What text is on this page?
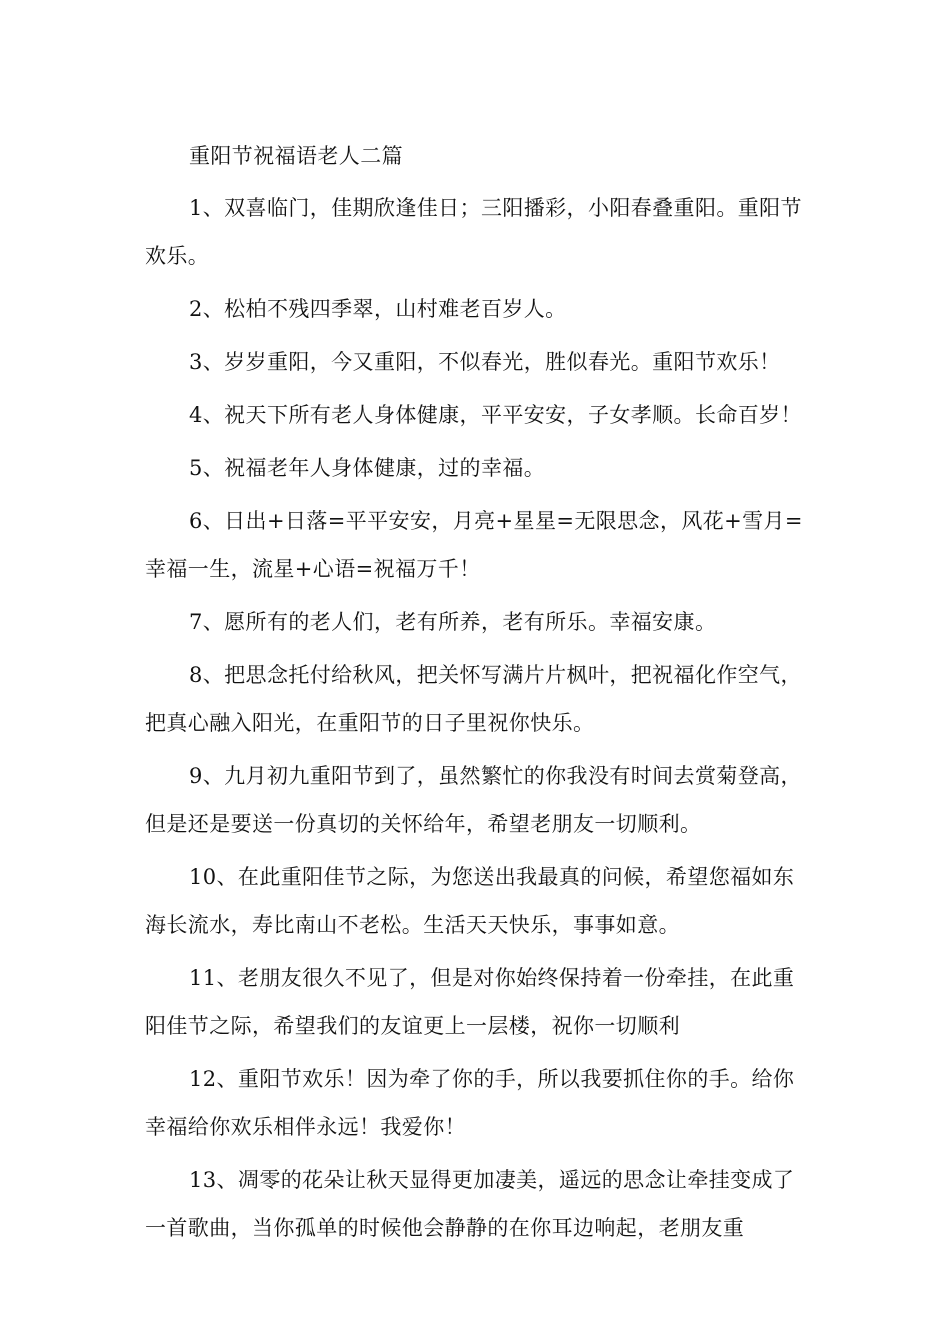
重阳节祝福语老人二篇

1、双喜临门，佳期欣逢佳日；三阳播彩，小阳春叠重阳。重阳节欢乐。

2、松柏不残四季翠，山村难老百岁人。

3、岁岁重阳，今又重阳，不似春光，胜似春光。重阳节欢乐！

4、祝天下所有老人身体健康，平平安安，子女孝顺。长命百岁！

5、祝福老年人身体健康，过的幸福。

6、日出+日落=平平安安，月亮+星星=无限思念，风花+雪月=幸福一生，流星+心语=祝福万千！

7、愿所有的老人们，老有所养，老有所乐。幸福安康。

8、把思念托付给秋风，把关怀写满片片枫叶，把祝福化作空气，把真心融入阳光，在重阳节的日子里祝你快乐。

9、九月初九重阳节到了，虽然繁忙的你我没有时间去赏菊登高，但是还是要送一份真切的关怀给年，希望老朋友一切顺利。

10、在此重阳佳节之际，为您送出我最真的问候，希望您福如东海长流水，寿比南山不老松。生活天天快乐，事事如意。

11、老朋友很久不见了，但是对你始终保持着一份牵挂，在此重阳佳节之际，希望我们的友谊更上一层楼，祝你一切顺利

12、重阳节欢乐！因为牵了你的手，所以我要抓住你的手。给你幸福给你欢乐相伴永远！我爱你！

13、凋零的花朵让秋天显得更加凄美，遥远的思念让牵挂变成了一首歌曲，当你孤单的时候他会静静的在你耳边响起，老朋友重
